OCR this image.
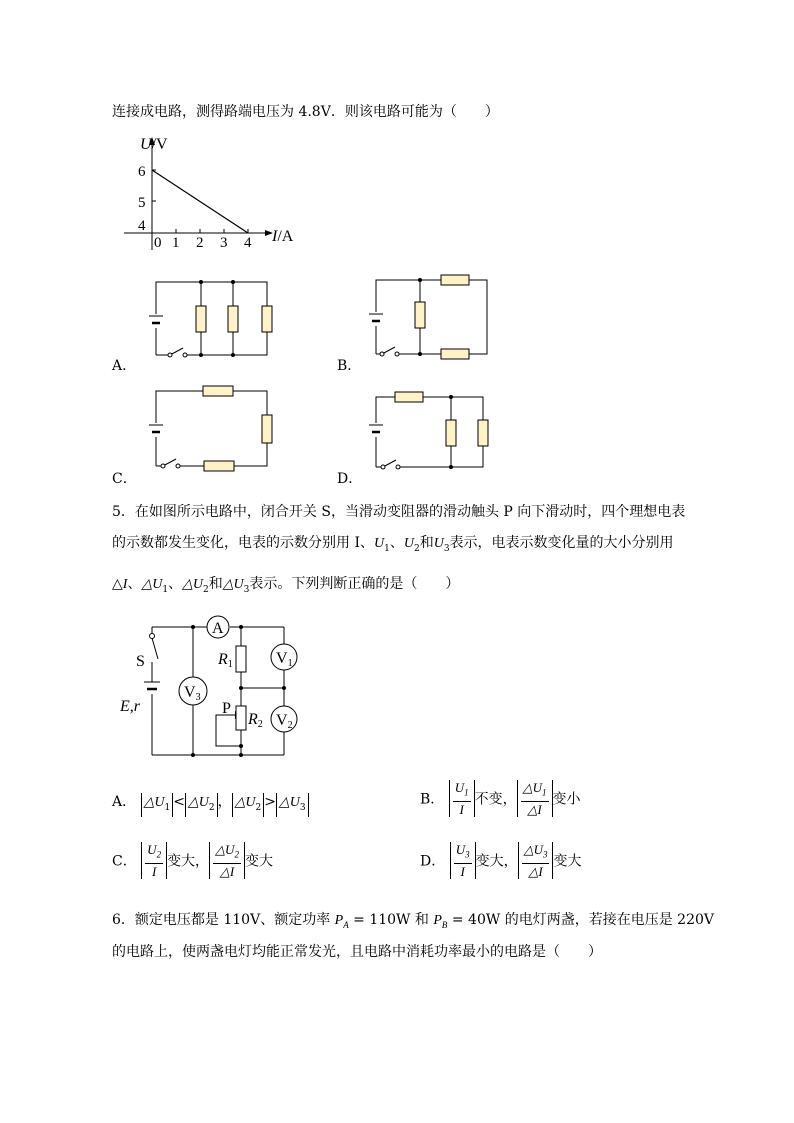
连接成电路，测得路端电压为 4.8V．则该电路可能为（　　）
U/V
6
5
4
0 1 2 3 4 I/A
A．	B．
C．	D．
5．在如图所示电路中，闭合开关 S，当滑动变阻器的滑动触头 P 向下滑动时，四个理想电表
的示数都发生变化，电表的示数分别用 I、$U_1$、$U_2$和$U_3$表示，电表示数变化量的大小分别用
△I、$\triangle U_1$、$\triangle U_2$和$\triangle U_3$表示。下列判断正确的是（　　）
A
V3
V1
V2
R1
R2
S
P
E,r
A． $\triangle U_1$ < $\triangle U_2$ ， $\triangle U_2$ > $\triangle U_3$
B． $\frac{U_1}{I}$ 不变， $\frac{\triangle U_1}{\triangle I}$ 变小
C． $\frac{U_2}{I}$ 变大， $\frac{\triangle U_2}{\triangle I}$ 变大	D． $\frac{U_3}{I}$ 变大， $\frac{\triangle U_3}{\triangle I}$ 变大
6．额定电压都是 110V、额定功率 $P_A = 110W$ 和 $P_B = 40W$ 的电灯两盏，若接在电压是 220V
的电路上，使两盏电灯均能正常发光，且电路中消耗功率最小的电路是（　　）
